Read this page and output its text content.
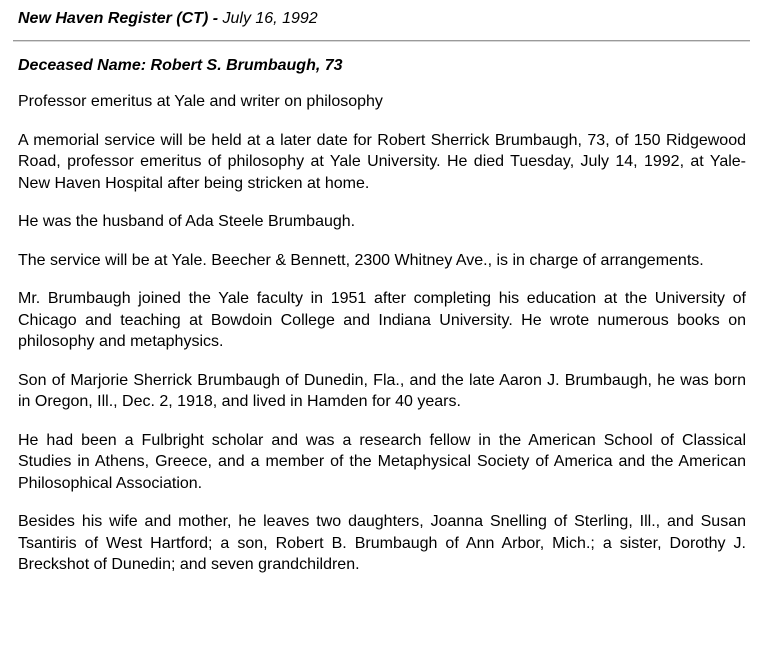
New Haven Register (CT) - July 16, 1992
Deceased Name: Robert S. Brumbaugh, 73

Professor emeritus at Yale and writer on philosophy

A memorial service will be held at a later date for Robert Sherrick Brumbaugh, 73, of 150 Ridgewood Road, professor emeritus of philosophy at Yale University. He died Tuesday, July 14, 1992, at Yale-New Haven Hospital after being stricken at home.

He was the husband of Ada Steele Brumbaugh.

The service will be at Yale. Beecher & Bennett, 2300 Whitney Ave., is in charge of arrangements.

Mr. Brumbaugh joined the Yale faculty in 1951 after completing his education at the University of Chicago and teaching at Bowdoin College and Indiana University. He wrote numerous books on philosophy and metaphysics.

Son of Marjorie Sherrick Brumbaugh of Dunedin, Fla., and the late Aaron J. Brumbaugh, he was born in Oregon, Ill., Dec. 2, 1918, and lived in Hamden for 40 years.

He had been a Fulbright scholar and was a research fellow in the American School of Classical Studies in Athens, Greece, and a member of the Metaphysical Society of America and the American Philosophical Association.

Besides his wife and mother, he leaves two daughters, Joanna Snelling of Sterling, Ill., and Susan Tsantiris of West Hartford; a son, Robert B. Brumbaugh of Ann Arbor, Mich.; a sister, Dorothy J. Breckshot of Dunedin; and seven grandchildren.
